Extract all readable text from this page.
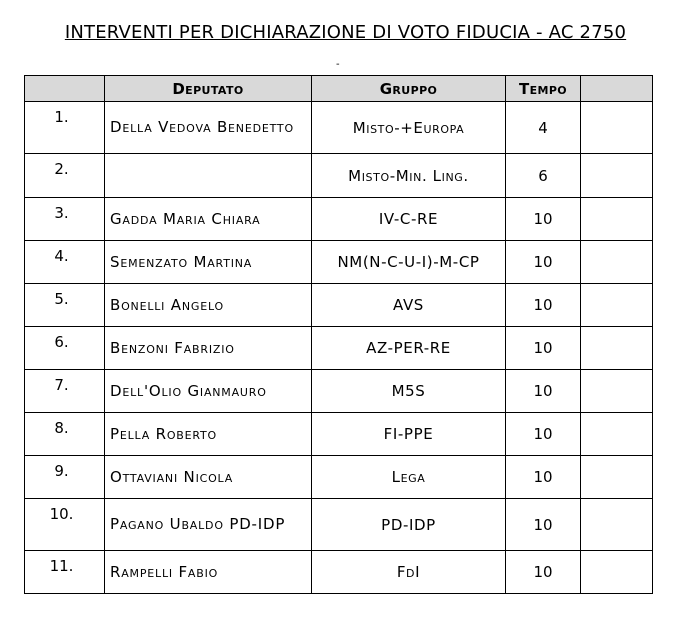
INTERVENTI PER DICHIARAZIONE DI VOTO FIDUCIA - AC 2750
-
	Deputato	Gruppo	Tempo	
1.	Della Vedova Benedetto	Misto-+Europa	4	
2.		Misto-Min. Ling.	6	
3.	Gadda Maria Chiara	IV-C-RE	10	
4.	Semenzato Martina	NM(N-C-U-I)-M-CP	10	
5.	Bonelli Angelo	AVS	10	
6.	Benzoni Fabrizio	AZ-PER-RE	10	
7.	Dell'Olio Gianmauro	M5S	10	
8.	Pella Roberto	FI-PPE	10	
9.	Ottaviani Nicola	Lega	10	
10.	Pagano Ubaldo PD-IDP	PD-IDP	10	
11.	Rampelli Fabio	FdI	10	
